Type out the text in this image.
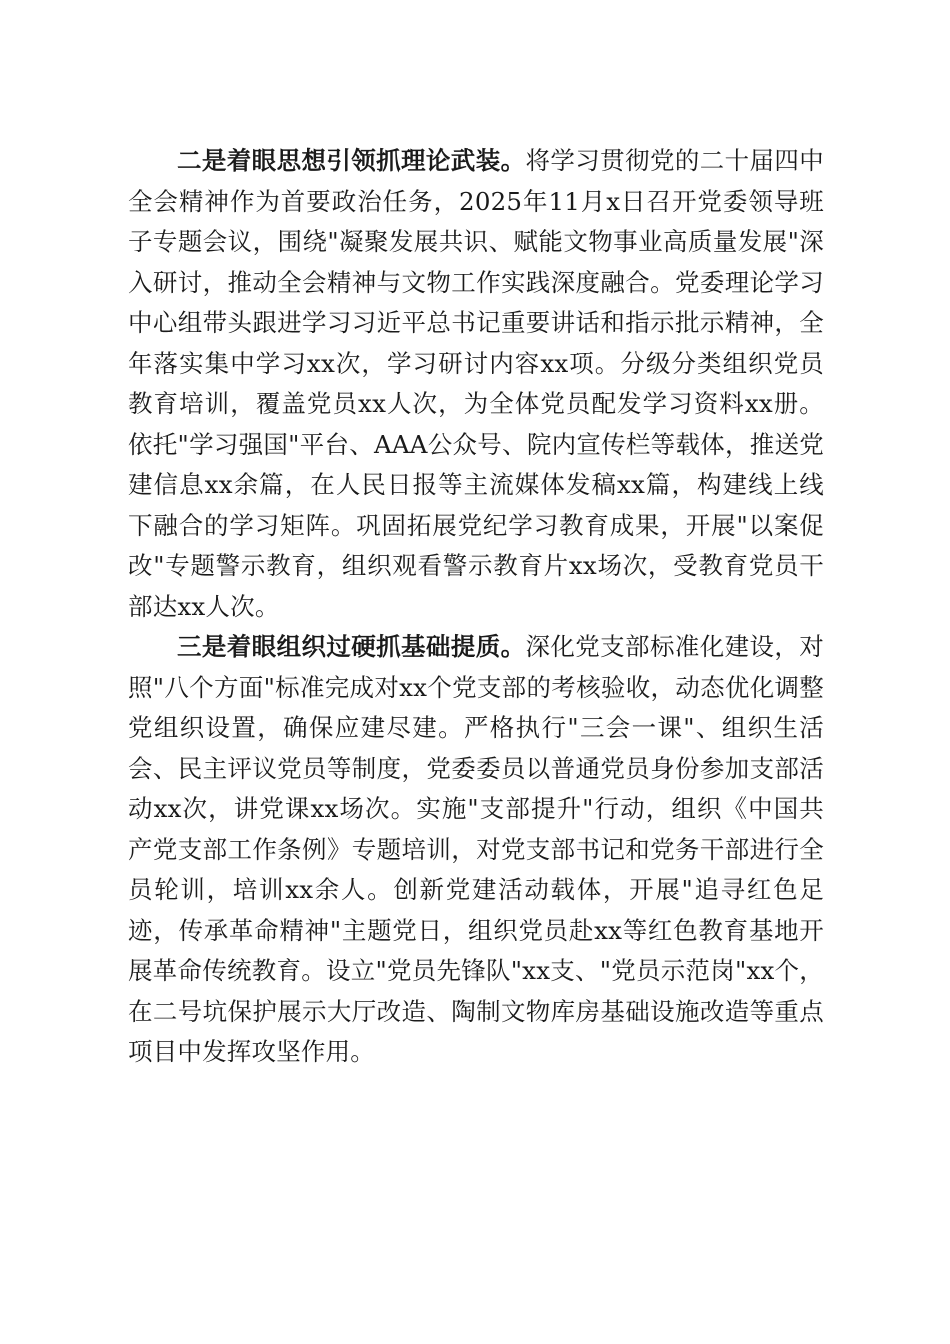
二是着眼思想引领抓理论武装。将学习贯彻党的二十届四中全会精神作为首要政治任务，2025年11月x日召开党委领导班子专题会议，围绕"凝聚发展共识、赋能文物事业高质量发展"深入研讨，推动全会精神与文物工作实践深度融合。党委理论学习中心组带头跟进学习习近平总书记重要讲话和指示批示精神，全年落实集中学习xx次，学习研讨内容xx项。分级分类组织党员教育培训，覆盖党员xx人次，为全体党员配发学习资料xx册。依托"学习强国"平台、AAA公众号、院内宣传栏等载体，推送党建信息xx余篇，在人民日报等主流媒体发稿xx篇，构建线上线下融合的学习矩阵。巩固拓展党纪学习教育成果，开展"以案促改"专题警示教育，组织观看警示教育片xx场次，受教育党员干部达xx人次。

三是着眼组织过硬抓基础提质。深化党支部标准化建设，对照"八个方面"标准完成对xx个党支部的考核验收，动态优化调整党组织设置，确保应建尽建。严格执行"三会一课"、组织生活会、民主评议党员等制度，党委委员以普通党员身份参加支部活动xx次，讲党课xx场次。实施"支部提升"行动，组织《中国共产党支部工作条例》专题培训，对党支部书记和党务干部进行全员轮训，培训xx余人。创新党建活动载体，开展"追寻红色足迹，传承革命精神"主题党日，组织党员赴xx等红色教育基地开展革命传统教育。设立"党员先锋队"xx支、"党员示范岗"xx个，在二号坑保护展示大厅改造、陶制文物库房基础设施改造等重点项目中发挥攻坚作用。
